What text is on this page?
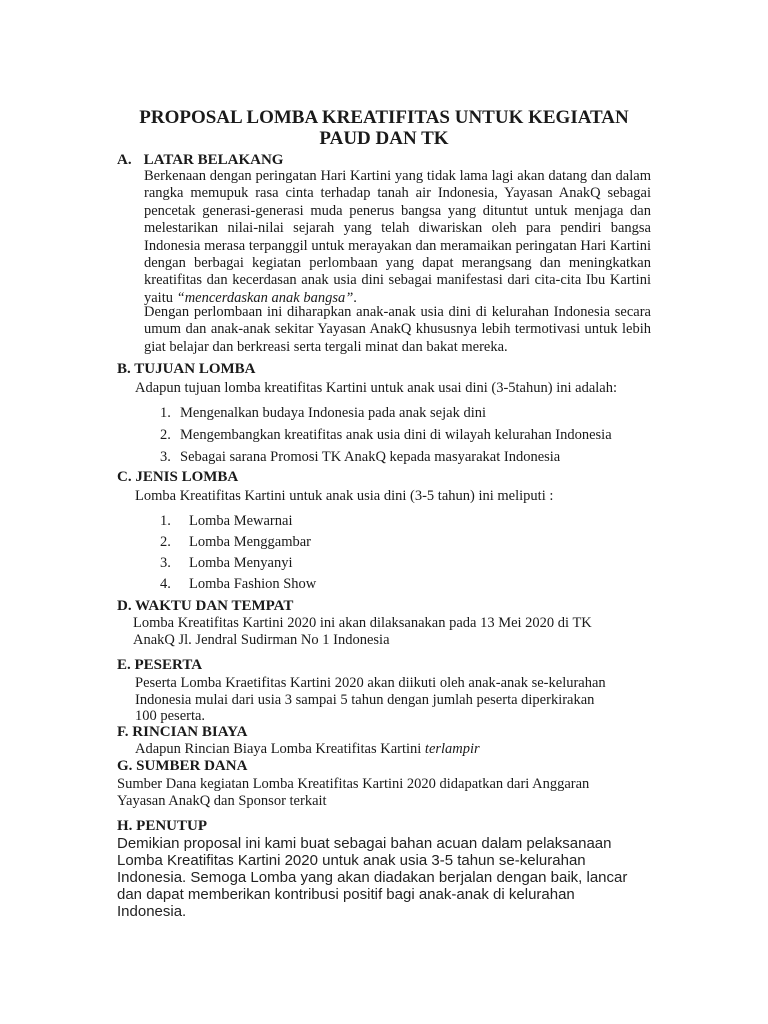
PROPOSAL LOMBA KREATIFITAS UNTUK KEGIATAN
PAUD DAN TK
A. LATAR BELAKANG
Berkenaan dengan peringatan Hari Kartini yang tidak lama lagi akan datang dan dalam rangka memupuk rasa cinta terhadap tanah air Indonesia, Yayasan AnakQ sebagai pencetak generasi-generasi muda penerus bangsa yang dituntut untuk menjaga dan melestarikan nilai-nilai sejarah yang telah diwariskan oleh para pendiri bangsa Indonesia merasa terpanggil untuk merayakan dan meramaikan peringatan Hari Kartini dengan berbagai kegiatan perlombaan yang dapat merangsang dan meningkatkan kreatifitas dan kecerdasan anak usia dini sebagai manifestasi dari cita-cita Ibu Kartini yaitu “mencerdaskan anak bangsa”.
Dengan perlombaan ini diharapkan anak-anak usia dini di kelurahan Indonesia secara umum dan anak-anak sekitar Yayasan AnakQ khususnya lebih termotivasi untuk lebih giat belajar dan berkreasi serta tergali minat dan bakat mereka.
B. TUJUAN LOMBA
Adapun tujuan lomba kreatifitas Kartini untuk anak usai dini (3-5tahun) ini adalah:
1. Mengenalkan budaya Indonesia pada anak sejak dini
2. Mengembangkan kreatifitas anak usia dini di wilayah kelurahan Indonesia
3. Sebagai sarana Promosi TK AnakQ kepada masyarakat Indonesia
C. JENIS LOMBA
Lomba Kreatifitas Kartini untuk anak usia dini (3-5 tahun) ini meliputi :
1. Lomba Mewarnai
2. Lomba Menggambar
3. Lomba Menyanyi
4. Lomba Fashion Show
D. WAKTU DAN TEMPAT
Lomba Kreatifitas Kartini 2020 ini akan dilaksanakan pada 13 Mei 2020 di TK
AnakQ Jl. Jendral Sudirman No 1 Indonesia
E. PESERTA
Peserta Lomba Kraetifitas Kartini 2020 akan diikuti oleh anak-anak se-kelurahan
Indonesia mulai dari usia 3 sampai 5 tahun dengan jumlah peserta diperkirakan
100 peserta.
F. RINCIAN BIAYA
Adapun Rincian Biaya Lomba Kreatifitas Kartini terlampir
G. SUMBER DANA
Sumber Dana kegiatan Lomba Kreatifitas Kartini 2020 didapatkan dari Anggaran
Yayasan AnakQ dan Sponsor terkait
H. PENUTUP
Demikian proposal ini kami buat sebagai bahan acuan dalam pelaksanaan
Lomba Kreatifitas Kartini 2020 untuk anak usia 3-5 tahun se-kelurahan
Indonesia. Semoga Lomba yang akan diadakan berjalan dengan baik, lancar
dan dapat memberikan kontribusi positif bagi anak-anak di kelurahan
Indonesia.
